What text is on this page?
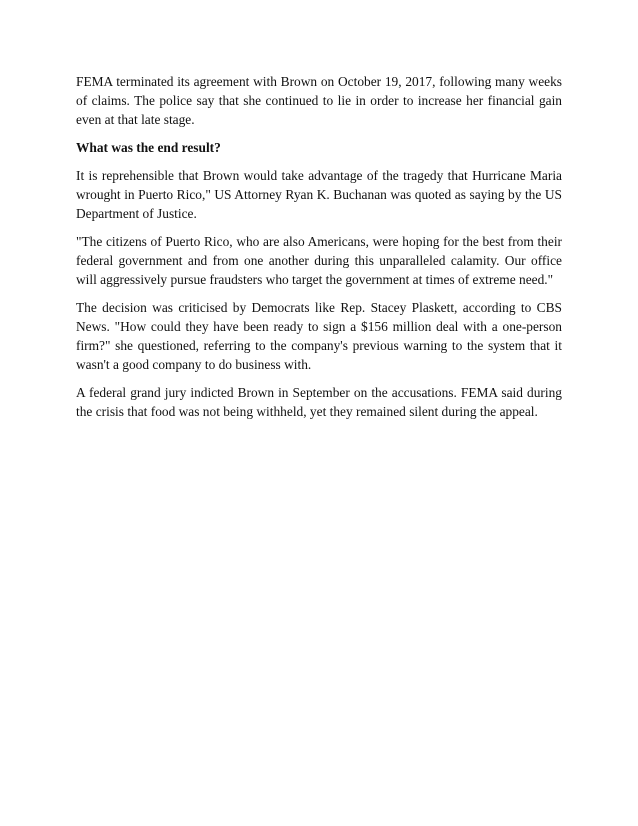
FEMA terminated its agreement with Brown on October 19, 2017, following many weeks of claims. The police say that she continued to lie in order to increase her financial gain even at that late stage.

What was the end result?

It is reprehensible that Brown would take advantage of the tragedy that Hurricane Maria wrought in Puerto Rico," US Attorney Ryan K. Buchanan was quoted as saying by the US Department of Justice.

"The citizens of Puerto Rico, who are also Americans, were hoping for the best from their federal government and from one another during this unparalleled calamity. Our office will aggressively pursue fraudsters who target the government at times of extreme need."

The decision was criticised by Democrats like Rep. Stacey Plaskett, according to CBS News. "How could they have been ready to sign a $156 million deal with a one-person firm?" she questioned, referring to the company's previous warning to the system that it wasn't a good company to do business with.

A federal grand jury indicted Brown in September on the accusations. FEMA said during the crisis that food was not being withheld, yet they remained silent during the appeal.
